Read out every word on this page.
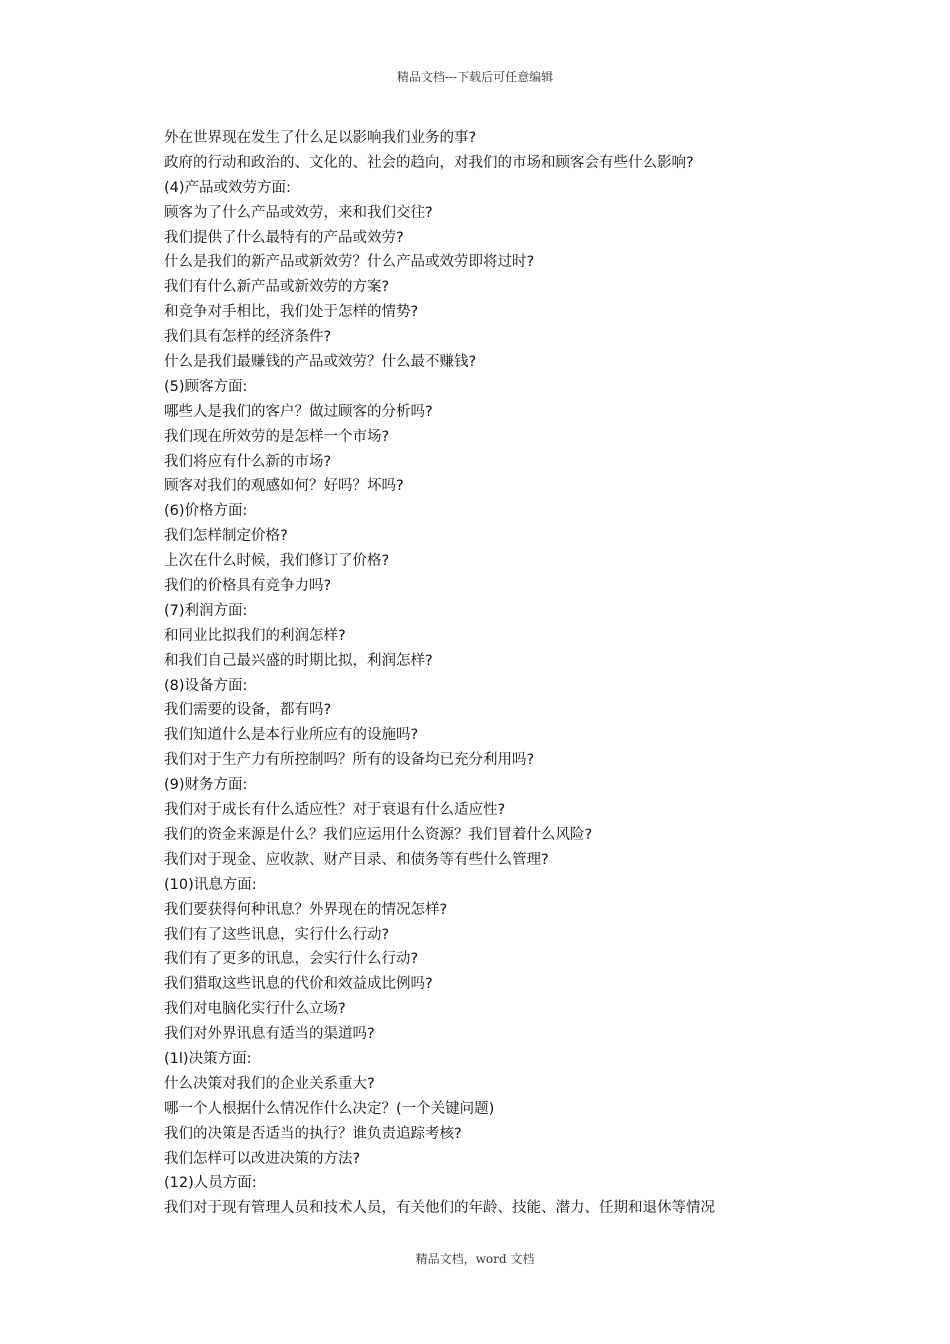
精品文档---下载后可任意编辑
外在世界现在发生了什么足以影响我们业务的事?
政府的行动和政治的、文化的、社会的趋向，对我们的市场和顾客会有些什么影响?
(4)产品或效劳方面:
顾客为了什么产品或效劳，来和我们交往?
我们提供了什么最特有的产品或效劳?
什么是我们的新产品或新效劳？什么产品或效劳即将过时?
我们有什么新产品或新效劳的方案?
和竞争对手相比，我们处于怎样的情势?
我们具有怎样的经济条件?
什么是我们最赚钱的产品或效劳？什么最不赚钱?
(5)顾客方面:
哪些人是我们的客户？做过顾客的分析吗?
我们现在所效劳的是怎样一个市场?
我们将应有什么新的市场?
顾客对我们的观感如何？好吗？坏吗?
(6)价格方面:
我们怎样制定价格?
上次在什么时候，我们修订了价格?
我们的价格具有竞争力吗?
(7)利润方面:
和同业比拟我们的利润怎样?
和我们自己最兴盛的时期比拟，利润怎样?
(8)设备方面:
我们需要的设备，都有吗?
我们知道什么是本行业所应有的设施吗?
我们对于生产力有所控制吗？所有的设备均已充分利用吗?
(9)财务方面:
我们对于成长有什么适应性？对于衰退有什么适应性?
我们的资金来源是什么？我们应运用什么资源？我们冒着什么风险?
我们对于现金、应收款、财产目录、和债务等有些什么管理?
(10)讯息方面:
我们要获得何种讯息？外界现在的情况怎样?
我们有了这些讯息，实行什么行动?
我们有了更多的讯息，会实行什么行动?
我们猎取这些讯息的代价和效益成比例吗?
我们对电脑化实行什么立场?
我们对外界讯息有适当的渠道吗?
(1l)决策方面:
什么决策对我们的企业关系重大?
哪一个人根据什么情况作什么决定？(一个关键问题)
我们的决策是否适当的执行？谁负责追踪考核?
我们怎样可以改进决策的方法?
(12)人员方面:
我们对于现有管理人员和技术人员，有关他们的年龄、技能、潜力、任期和退休等情况
精品文档，word 文档
